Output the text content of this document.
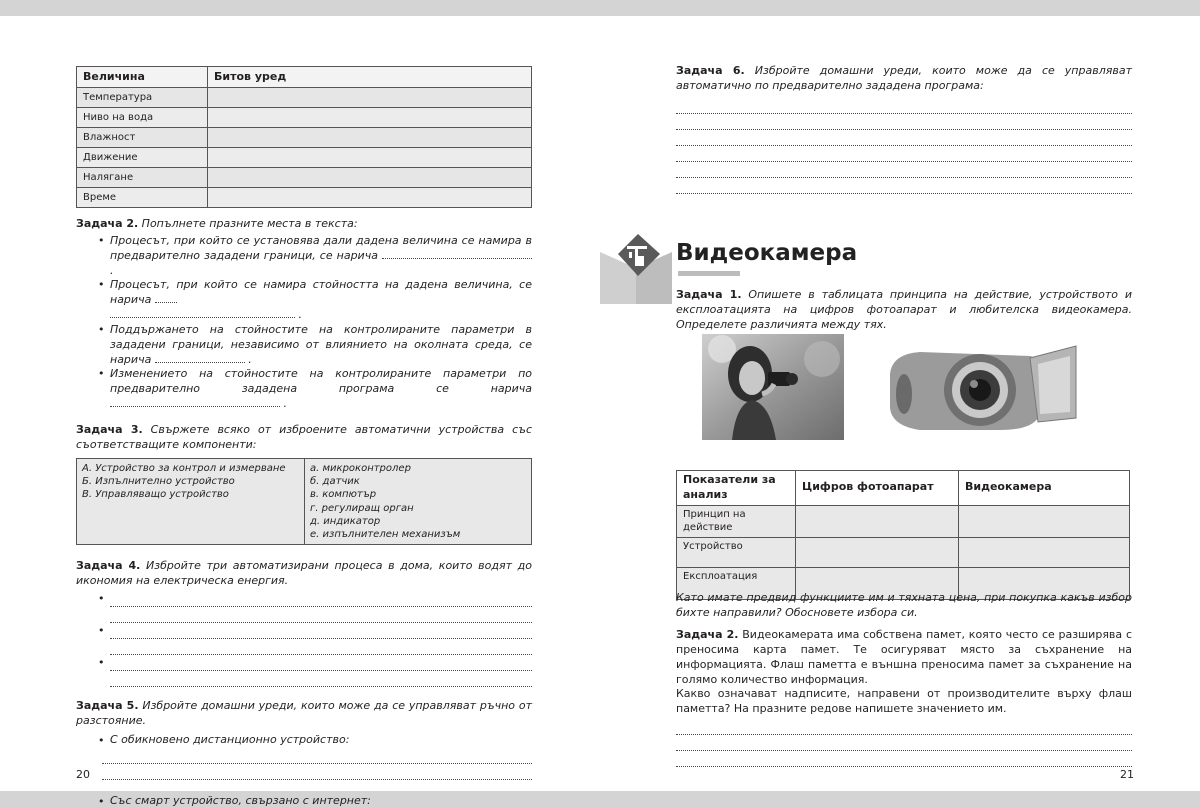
Величина	Битов уред
Температура	
Ниво на вода	
Влажност	
Движение	
Налягане	
Време	
Задача 2. Попълнете празните места в текста:
• Процесът, при който се установява дали дадена величина се намира в предварително зададени граници, се нарича  .
• Процесът, при който се намира стойността на дадена величина, се нарича
.
• Поддържането на стойностите на контролираните параметри в зададени граници, независимо от влиянието на околната среда, се нарича	.
• Изменението на стойностите на контролираните параметри по предварително зададена програма се нарича  .
Задача 3. Свържете всяко от изброените автоматични устройства със съответстващите компоненти:
А. Устройство за контрол и измерване
Б. Изпълнително устройство
В. Управляващо устройство

а. микроконтролер
б. датчик
в. компютър
г. регулиращ орган
д. индикатор
е. изпълнителен механизъм
Задача 4. Избройте три автоматизирани процеса в дома, които водят до икономия на електрическа енергия.
•
•
•
Задача 5. Избройте домашни уреди, които може да се управляват ръчно от разстояние.
• С обикновено дистанционно устройство:
• Със смарт устройство, свързано с интернет:
20
Задача 6. Избройте домашни уреди, които може да се управляват автоматично по предварително зададена програма:
Видеокамера
Задача 1. Опишете в таблицата принципа на действие, устройството и експлоатацията на цифров фотоапарат и любителска видеокамера. Определете различията между тях.
Показатели за анализ	Цифров фотоапарат	Видеокамера
Принцип на действие		
Устройство		
Експлоатация		
Като имате предвид функциите им и тяхната цена, при покупка какъв избор бихте направили? Обосновете избора си.
Задача 2. Видеокамерата има собствена памет, която често се разширява с преносима карта памет. Те осигуряват място за съхранение на информацията. Флаш паметта е външна преносима памет за съхранение на голямо количество информация.
Какво означават надписите, направени от производителите върху флаш паметта? На празните редове напишете значението им.
21
